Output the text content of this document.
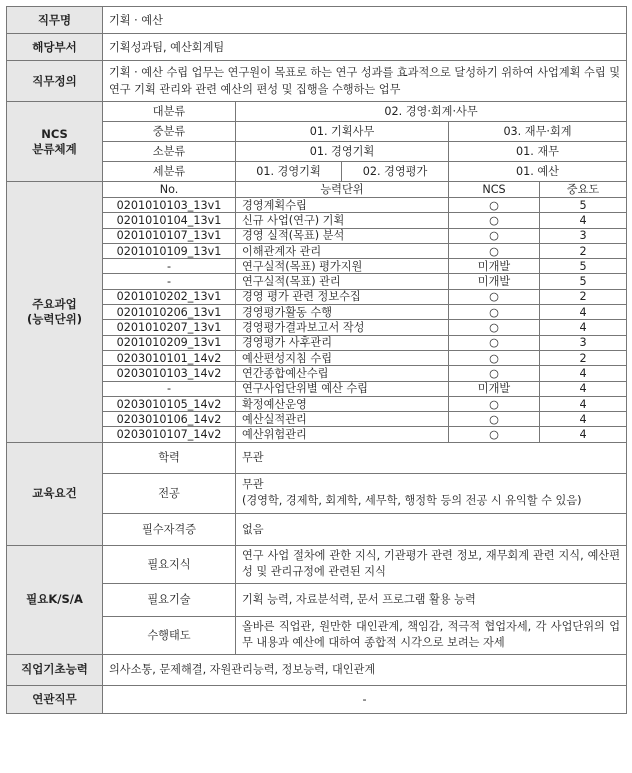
직무명	기획 · 예산				
해당부서	기획성과팀, 예산회계팀				
직무정의	기획 · 예산 수립 업무는 연구원이 목표로 하는 연구 성과를 효과적으로 달성하기 위하여 사업계획 수립 및 연구 기획 관리와 관련 예산의 편성 및 집행을 수행하는 업무				

NCS
분류체계	대분류	02. 경영·회계·사무			
	중분류	01. 기획사무		03. 재무·회계	
	소분류	01. 경영기획		01. 재무	
	세분류	01. 경영기획	02. 경영평가	01. 예산	

주요과업
(능력단위)	No.	능력단위		NCS	중요도
	0201010103_13v1	경영계획수립		○	5
	0201010104_13v1	신규 사업(연구) 기획		○	4
	0201010107_13v1	경영 실적(목표) 분석		○	3
	0201010109_13v1	이해관계자 관리		○	2
	-	연구실적(목표) 평가지원		미개발	5
	-	연구실적(목표) 관리		미개발	5
	0201010202_13v1	경영 평가 관련 정보수집		○	2
	0201010206_13v1	경영평가활동 수행		○	4
	0201010207_13v1	경영평가결과보고서 작성		○	4
	0201010209_13v1	경영평가 사후관리		○	3
	0203010101_14v2	예산편성지침 수립		○	2
	0203010103_14v2	연간종합예산수립		○	4
	-	연구사업단위별 예산 수립		미개발	4
	0203010105_14v2	확정예산운영		○	4
	0203010106_14v2	예산실적관리		○	4
	0203010107_14v2	예산위험관리		○	4
교육요건	학력	무관			
	전공	무관
(경영학, 경제학, 회계학, 세무학, 행정학 등의 전공 시 유익할 수 있음)			

	필수자격증	없음			
필요K/S/A	필요지식	연구 사업 절차에 관한 지식, 기관평가 관련 정보, 재무회계 관련 지식, 예산편성 및 관리규정에 관련된 지식			
	필요기술	기획 능력, 자료분석력, 문서 프로그램 활용 능력			
	수행태도	올바른 직업관, 원만한 대인관계, 책임감, 적극적 협업자세, 각 사업단위의 업무 내용과 예산에 대하여 종합적 시각으로 보려는 자세			
직업기초능력	의사소통, 문제해결, 자원관리능력, 정보능력, 대인관계				
연관직무	-				
